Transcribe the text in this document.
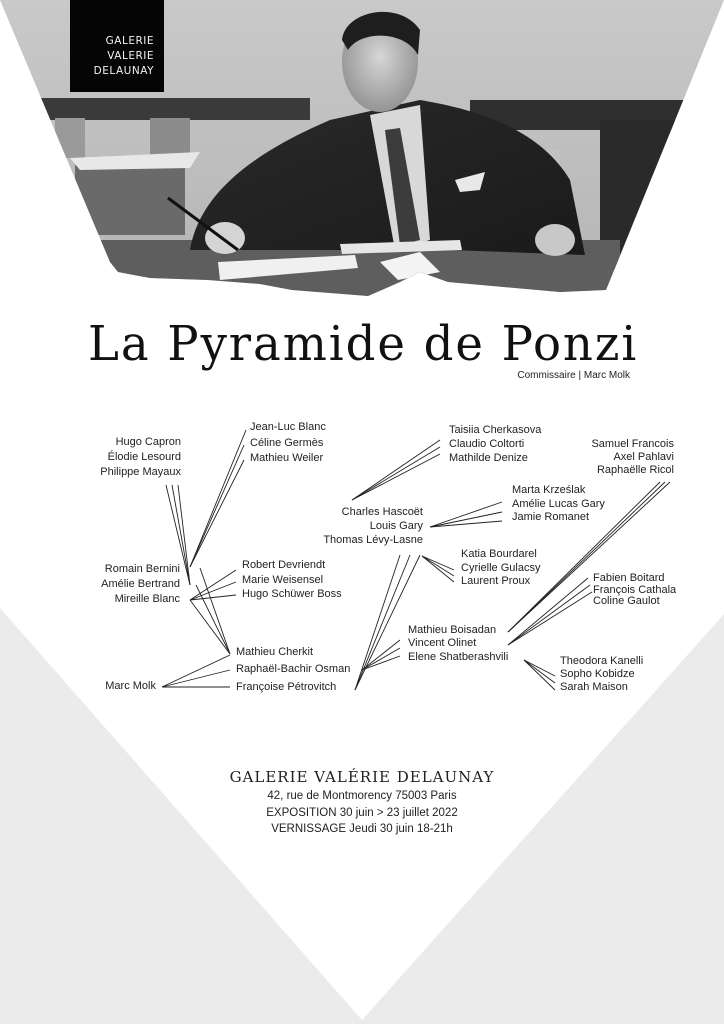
GALERIE
VALERIE
DELAUNAY
La Pyramide de Ponzi
Commissaire | Marc Molk
Hugo Capron
Élodie Lesourd
Philippe Mayaux
Jean-Luc Blanc
Céline Germès
Mathieu Weiler
Romain Bernini
Amélie Bertrand
Mireille Blanc
Robert Devriendt
Marie Weisensel
Hugo Schüwer Boss
Mathieu Cherkit
Raphaël-Bachir Osman
Françoise Pétrovitch
Marc Molk
Taisiia Cherkasova
Claudio Coltorti
Mathilde Denize
Charles Hascoët
Louis Gary
Thomas Lévy-Lasne
Marta Krześlak
Amélie Lucas Gary
Jamie Romanet
Samuel Francois
Axel Pahlavi
Raphaëlle Ricol
Katia Bourdarel
Cyrielle Gulacsy
Laurent Proux	Fabien Boitard
François Cathala
Coline Gaulot
Mathieu Boisadan
Vincent Olinet
Elene Shatberashvili	Theodora Kanelli
Sopho Kobidze
Sarah Maison
GALERIE VALÉRIE DELAUNAY
42, rue de Montmorency 75003 Paris
EXPOSITION 30 juin > 23 juillet 2022
VERNISSAGE Jeudi 30 juin 18-21h
